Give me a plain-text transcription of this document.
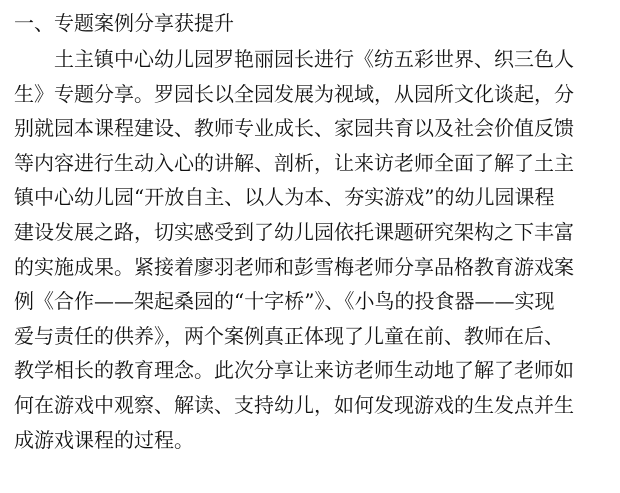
一、专题案例分享获提升

土主镇中心幼儿园罗艳丽园长进行《纺五彩世界、织三色人
生》专题分享。罗园长以全园发展为视域，从园所文化谈起，分
别就园本课程建设、教师专业成长、家园共育以及社会价值反馈
等内容进行生动入心的讲解、剖析，让来访老师全面了解了土主
镇中心幼儿园“开放自主、以人为本、夯实游戏”的幼儿园课程
建设发展之路，切实感受到了幼儿园依托课题研究架构之下丰富
的实施成果。紧接着廖羽老师和彭雪梅老师分享品格教育游戏案
例《合作——架起桑园的“十字桥”》、《小鸟的投食器——实现
爱与责任的供养》，两个案例真正体现了儿童在前、教师在后、
教学相长的教育理念。此次分享让来访老师生动地了解了老师如
何在游戏中观察、解读、支持幼儿，如何发现游戏的生发点并生
成游戏课程的过程。
